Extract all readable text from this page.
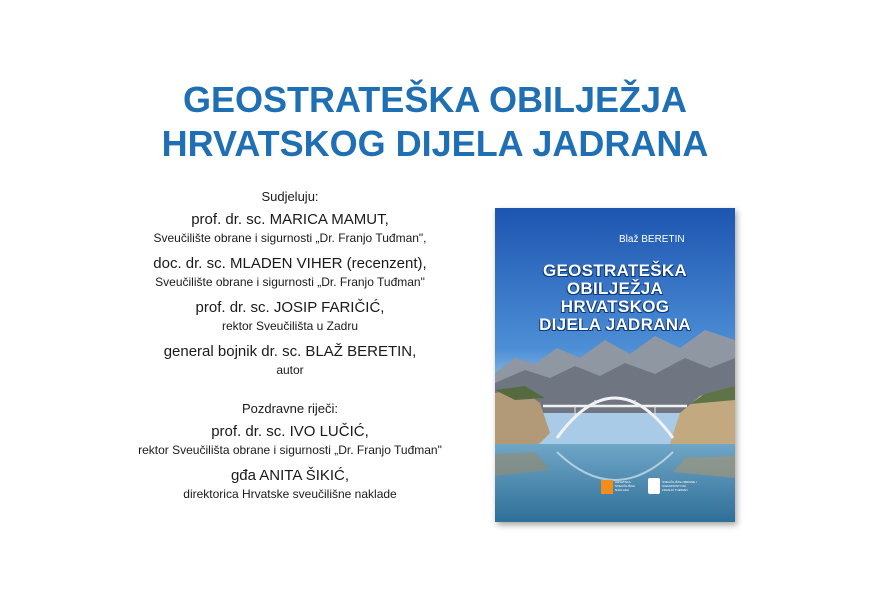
GEOSTRATEŠKA OBILJEŽJA
HRVATSKOG DIJELA JADRANA
Sudjeluju:
prof. dr. sc. MARICA MAMUT,
Sveučilište obrane i sigurnosti „Dr. Franjo Tuđman",
doc. dr. sc. MLADEN VIHER (recenzent),
Sveučilište obrane i sigurnosti „Dr. Franjo Tuđman"
prof. dr. sc. JOSIP FARIČIĆ,
rektor Sveučilišta u Zadru
general bojnik dr. sc. BLAŽ BERETIN,
autor
Pozdravne riječi:
prof. dr. sc. IVO LUČIĆ,
rektor Sveučilišta obrane i sigurnosti „Dr. Franjo Tuđman"
gđa ANITA ŠIKIĆ,
direktorica Hrvatske sveučilišne naklade
Blaž BERETIN
GEOSTRATEŠKA
OBILJEŽJA
HRVATSKOG
DIJELA JADRANA
HRVATSKA SVEUČILIŠNA NAKLADA
SVEUČILIŠTE OBRANE I SIGURNOSTI DR. FRANJO TUĐMAN
